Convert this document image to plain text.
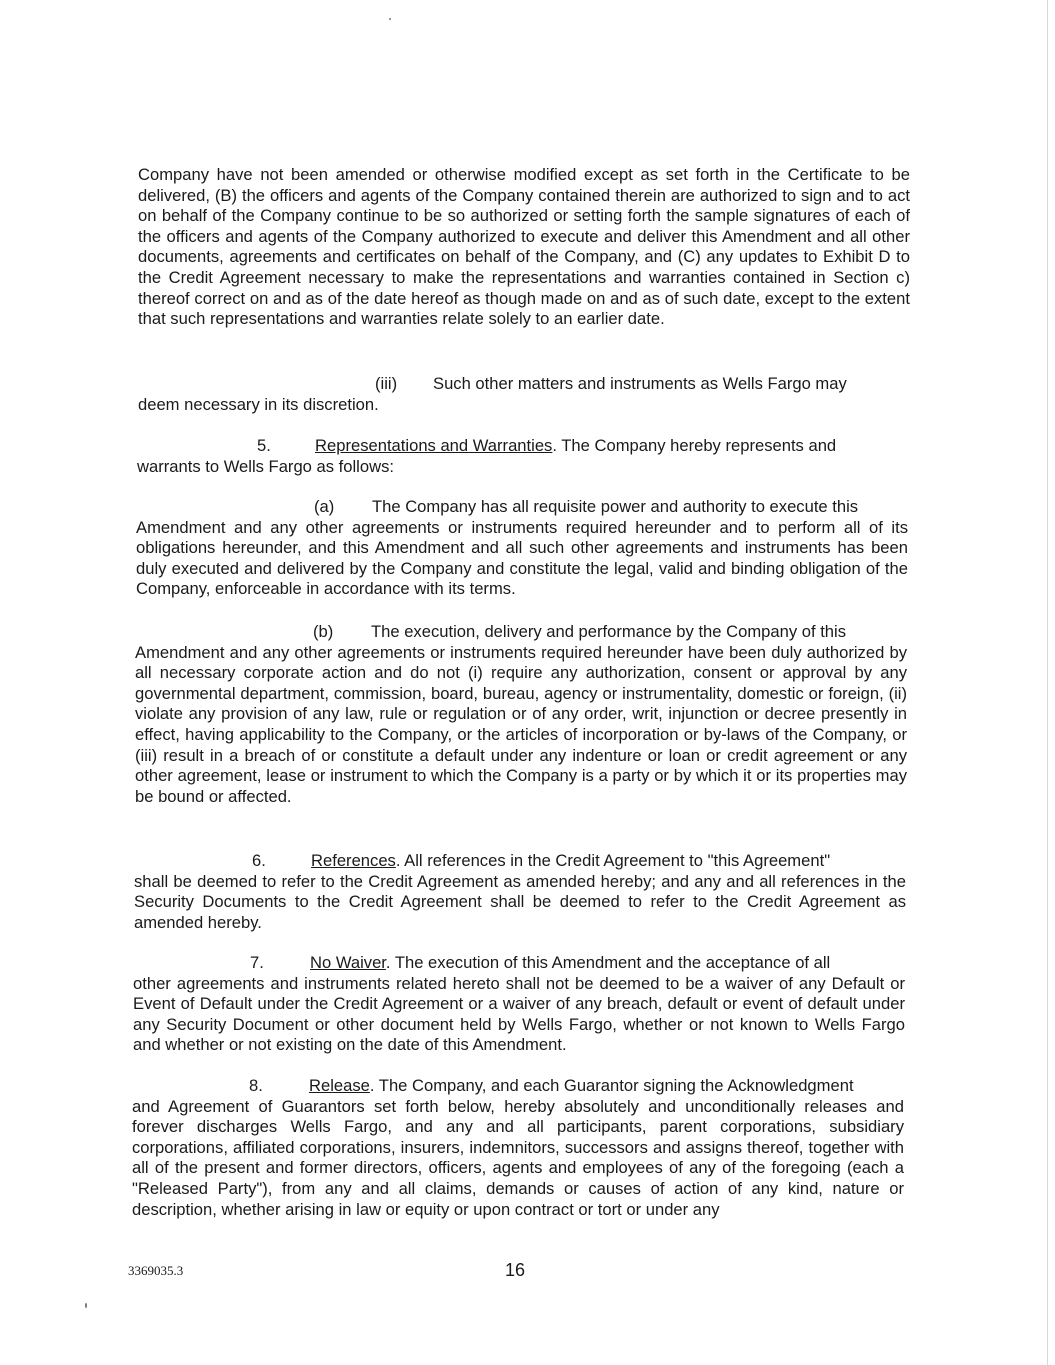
Company have not been amended or otherwise modified except as set forth in the Certificate to be delivered, (B) the officers and agents of the Company contained therein are authorized to sign and to act on behalf of the Company continue to be so authorized or setting forth the sample signatures of each of the officers and agents of the Company authorized to execute and deliver this Amendment and all other documents, agreements and certificates on behalf of the Company, and (C) any updates to Exhibit D to the Credit Agreement necessary to make the representations and warranties contained in Section c) thereof correct on and as of the date hereof as though made on and as of such date, except to the extent that such representations and warranties relate solely to an earlier date.
(iii) Such other matters and instruments as Wells Fargo may
deem necessary in its discretion.
5.	Representations and Warranties. The Company hereby represents and
warrants to Wells Fargo as follows:
(a) The Company has all requisite power and authority to execute this
Amendment and any other agreements or instruments required hereunder and to perform all of its obligations hereunder, and this Amendment and all such other agreements and instruments has been duly executed and delivered by the Company and constitute the legal, valid and binding obligation of the Company, enforceable in accordance with its terms.
(b) The execution, delivery and performance by the Company of this
Amendment and any other agreements or instruments required hereunder have been duly authorized by all necessary corporate action and do not (i) require any authorization, consent or approval by any governmental department, commission, board, bureau, agency or instrumentality, domestic or foreign, (ii) violate any provision of any law, rule or regulation or of any order, writ, injunction or decree presently in effect, having applicability to the Company, or the articles of incorporation or by-laws of the Company, or (iii) result in a breach of or constitute a default under any indenture or loan or credit agreement or any other agreement, lease or instrument to which the Company is a party or by which it or its properties may be bound or affected.
6.	References. All references in the Credit Agreement to "this Agreement"
shall be deemed to refer to the Credit Agreement as amended hereby; and any and all references in the Security Documents to the Credit Agreement shall be deemed to refer to the Credit Agreement as amended hereby.
7.	No Waiver. The execution of this Amendment and the acceptance of all
other agreements and instruments related hereto shall not be deemed to be a waiver of any Default or Event of Default under the Credit Agreement or a waiver of any breach, default or event of default under any Security Document or other document held by Wells Fargo, whether or not known to Wells Fargo and whether or not existing on the date of this Amendment.
8.	Release. The Company, and each Guarantor signing the Acknowledgment
and Agreement of Guarantors set forth below, hereby absolutely and unconditionally releases and forever discharges Wells Fargo, and any and all participants, parent corporations, subsidiary corporations, affiliated corporations, insurers, indemnitors, successors and assigns thereof, together with all of the present and former directors, officers, agents and employees of any of the foregoing (each a "Released Party"), from any and all claims, demands or causes of action of any kind, nature or description, whether arising in law or equity or upon contract or tort or under any
3369035.3	16
